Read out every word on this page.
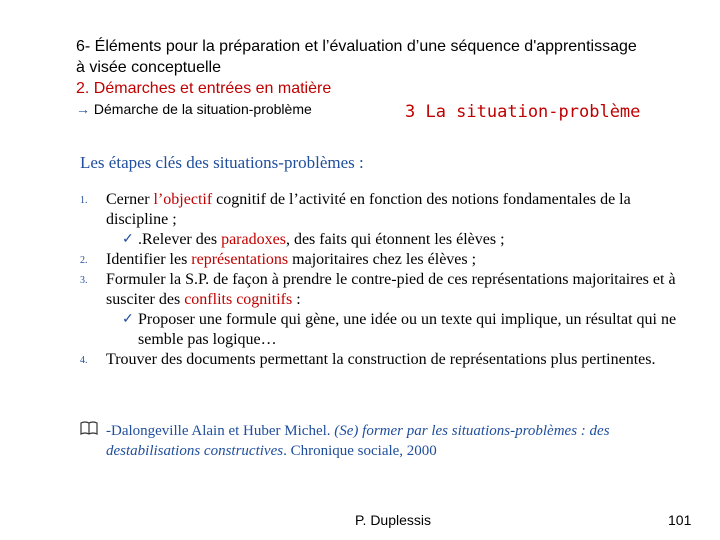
6- Éléments pour la préparation et l’évaluation d’une séquence d'apprentissage
à visée conceptuelle
2. Démarches et entrées en matière
→ Démarche de la situation-problème	3 La situation-problème
Les étapes clés des situations-problèmes :
1.	Cerner l’objectif cognitif de l’activité en fonction des notions fondamentales de la discipline ;
✓ .Relever des paradoxes, des faits qui étonnent les élèves ;
2.	Identifier les représentations majoritaires chez les élèves ;
3.	Formuler la S.P. de façon à prendre le contre-pied de ces représentations majoritaires et à susciter des conflits cognitifs :
✓ Proposer une formule qui gène, une idée ou un texte qui implique, un résultat qui ne semble pas logique…
4.	Trouver des documents permettant la construction de représentations plus pertinentes.
-Dalongeville Alain et Huber Michel. (Se) former par les situations-problèmes : des destabilisations constructives. Chronique sociale, 2000
P. Duplessis	101
